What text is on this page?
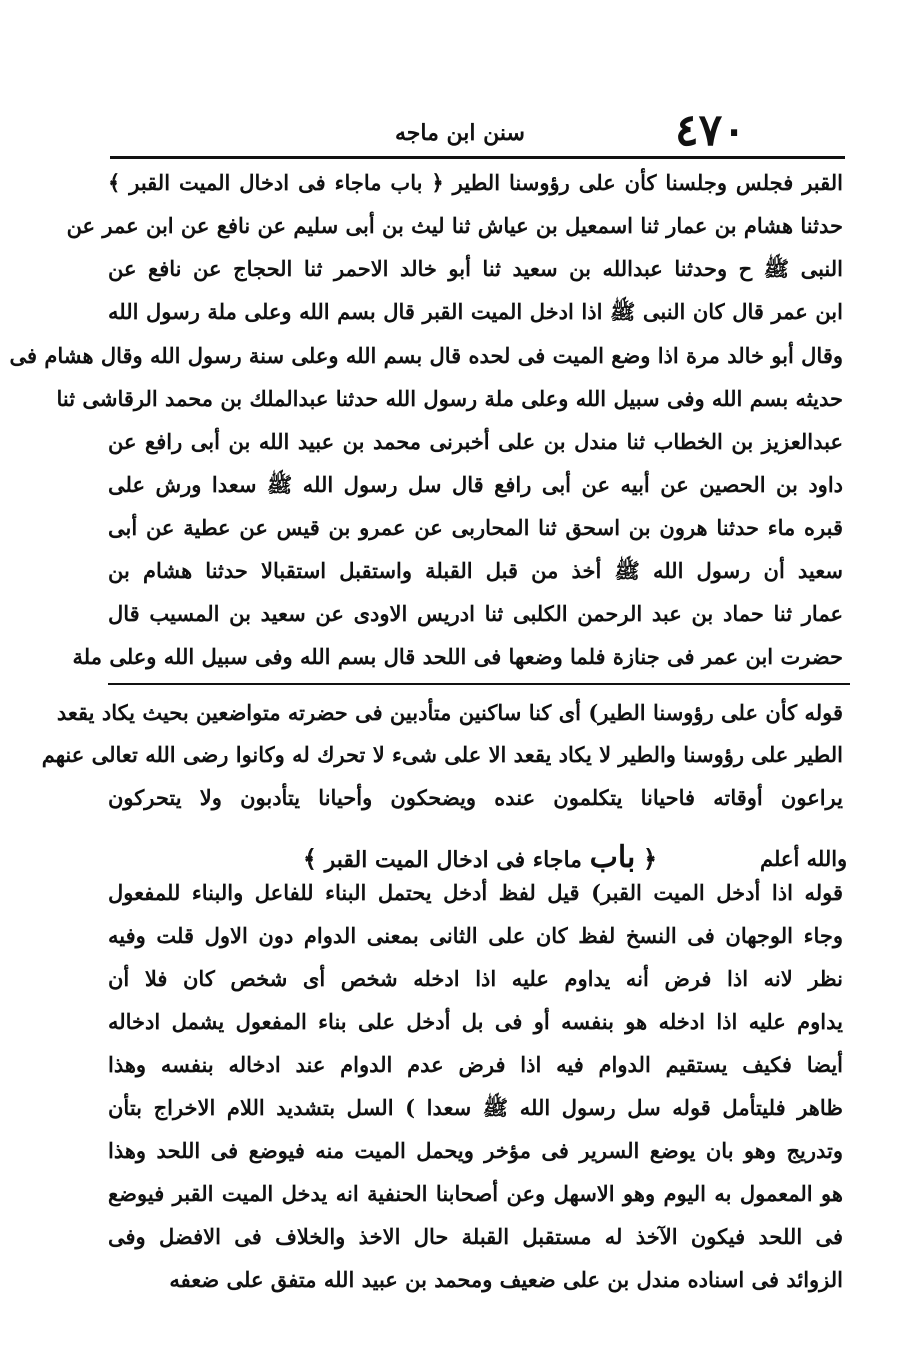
٤٧٠
سنن ابن ماجه
القبر فجلس وجلسنا كأن على رؤوسنا الطير ﴿ باب ماجاء فى ادخال الميت القبر ﴾
حدثنا هشام بن عمار ثنا اسمعيل بن عياش ثنا ليث بن أبى سليم عن نافع عن ابن عمر عن
النبى ﷺ ح وحدثنا عبدالله بن سعيد ثنا أبو خالد الاحمر ثنا الحجاج عن نافع عن
ابن عمر قال كان النبى ﷺ اذا ادخل الميت القبر قال بسم الله وعلى ملة رسول الله
وقال أبو خالد مرة اذا وضع الميت فى لحده قال بسم الله وعلى سنة رسول الله وقال هشام فى
حديثه بسم الله وفى سبيل الله وعلى ملة رسول الله حدثنا عبدالملك بن محمد الرقاشى ثنا
عبدالعزيز بن الخطاب ثنا مندل بن على أخبرنى محمد بن عبيد الله بن أبى رافع عن
داود بن الحصين عن أبيه عن أبى رافع قال سل رسول الله ﷺ سعدا ورش على
قبره ماء حدثنا هرون بن اسحق ثنا المحاربى عن عمرو بن قيس عن عطية عن أبى
سعيد أن رسول الله ﷺ أخذ من قبل القبلة واستقبل استقبالا حدثنا هشام بن
عمار ثنا حماد بن عبد الرحمن الكلبى ثنا ادريس الاودى عن سعيد بن المسيب قال
حضرت ابن عمر فى جنازة فلما وضعها فى اللحد قال بسم الله وفى سبيل الله وعلى ملة
قوله كأن على رؤوسنا الطير) أى كنا ساكنين متأدبين فى حضرته متواضعين بحيث يكاد يقعد
الطير على رؤوسنا والطير لا يكاد يقعد الا على شىء لا تحرك له وكانوا رضى الله تعالى عنهم
يراعون أوقاته فاحيانا يتكلمون عنده ويضحكون وأحيانا يتأدبون ولا يتحركون
والله أعلم
﴿ باب ماجاء فى ادخال الميت القبر ﴾
قوله اذا أدخل الميت القبر) قيل لفظ أدخل يحتمل البناء للفاعل والبناء للمفعول
وجاء الوجهان فى النسخ لفظ كان على الثانى بمعنى الدوام دون الاول قلت وفيه
نظر لانه اذا فرض أنه يداوم عليه اذا ادخله شخص أى شخص كان فلا أن
يداوم عليه اذا ادخله هو بنفسه أو فى بل أدخل على بناء المفعول يشمل ادخاله
أيضا فكيف يستقيم الدوام فيه اذا فرض عدم الدوام عند ادخاله بنفسه وهذا
ظاهر فليتأمل قوله سل رسول الله ﷺ سعدا ) السل بتشديد اللام الاخراج بتأن
وتدريج وهو بان يوضع السرير فى مؤخر ويحمل الميت منه فيوضع فى اللحد وهذا
هو المعمول به اليوم وهو الاسهل وعن أصحابنا الحنفية انه يدخل الميت القبر فيوضع
فى اللحد فيكون الآخذ له مستقبل القبلة حال الاخذ والخلاف فى الافضل وفى
الزوائد فى اسناده مندل بن على ضعيف ومحمد بن عبيد الله متفق على ضعفه
